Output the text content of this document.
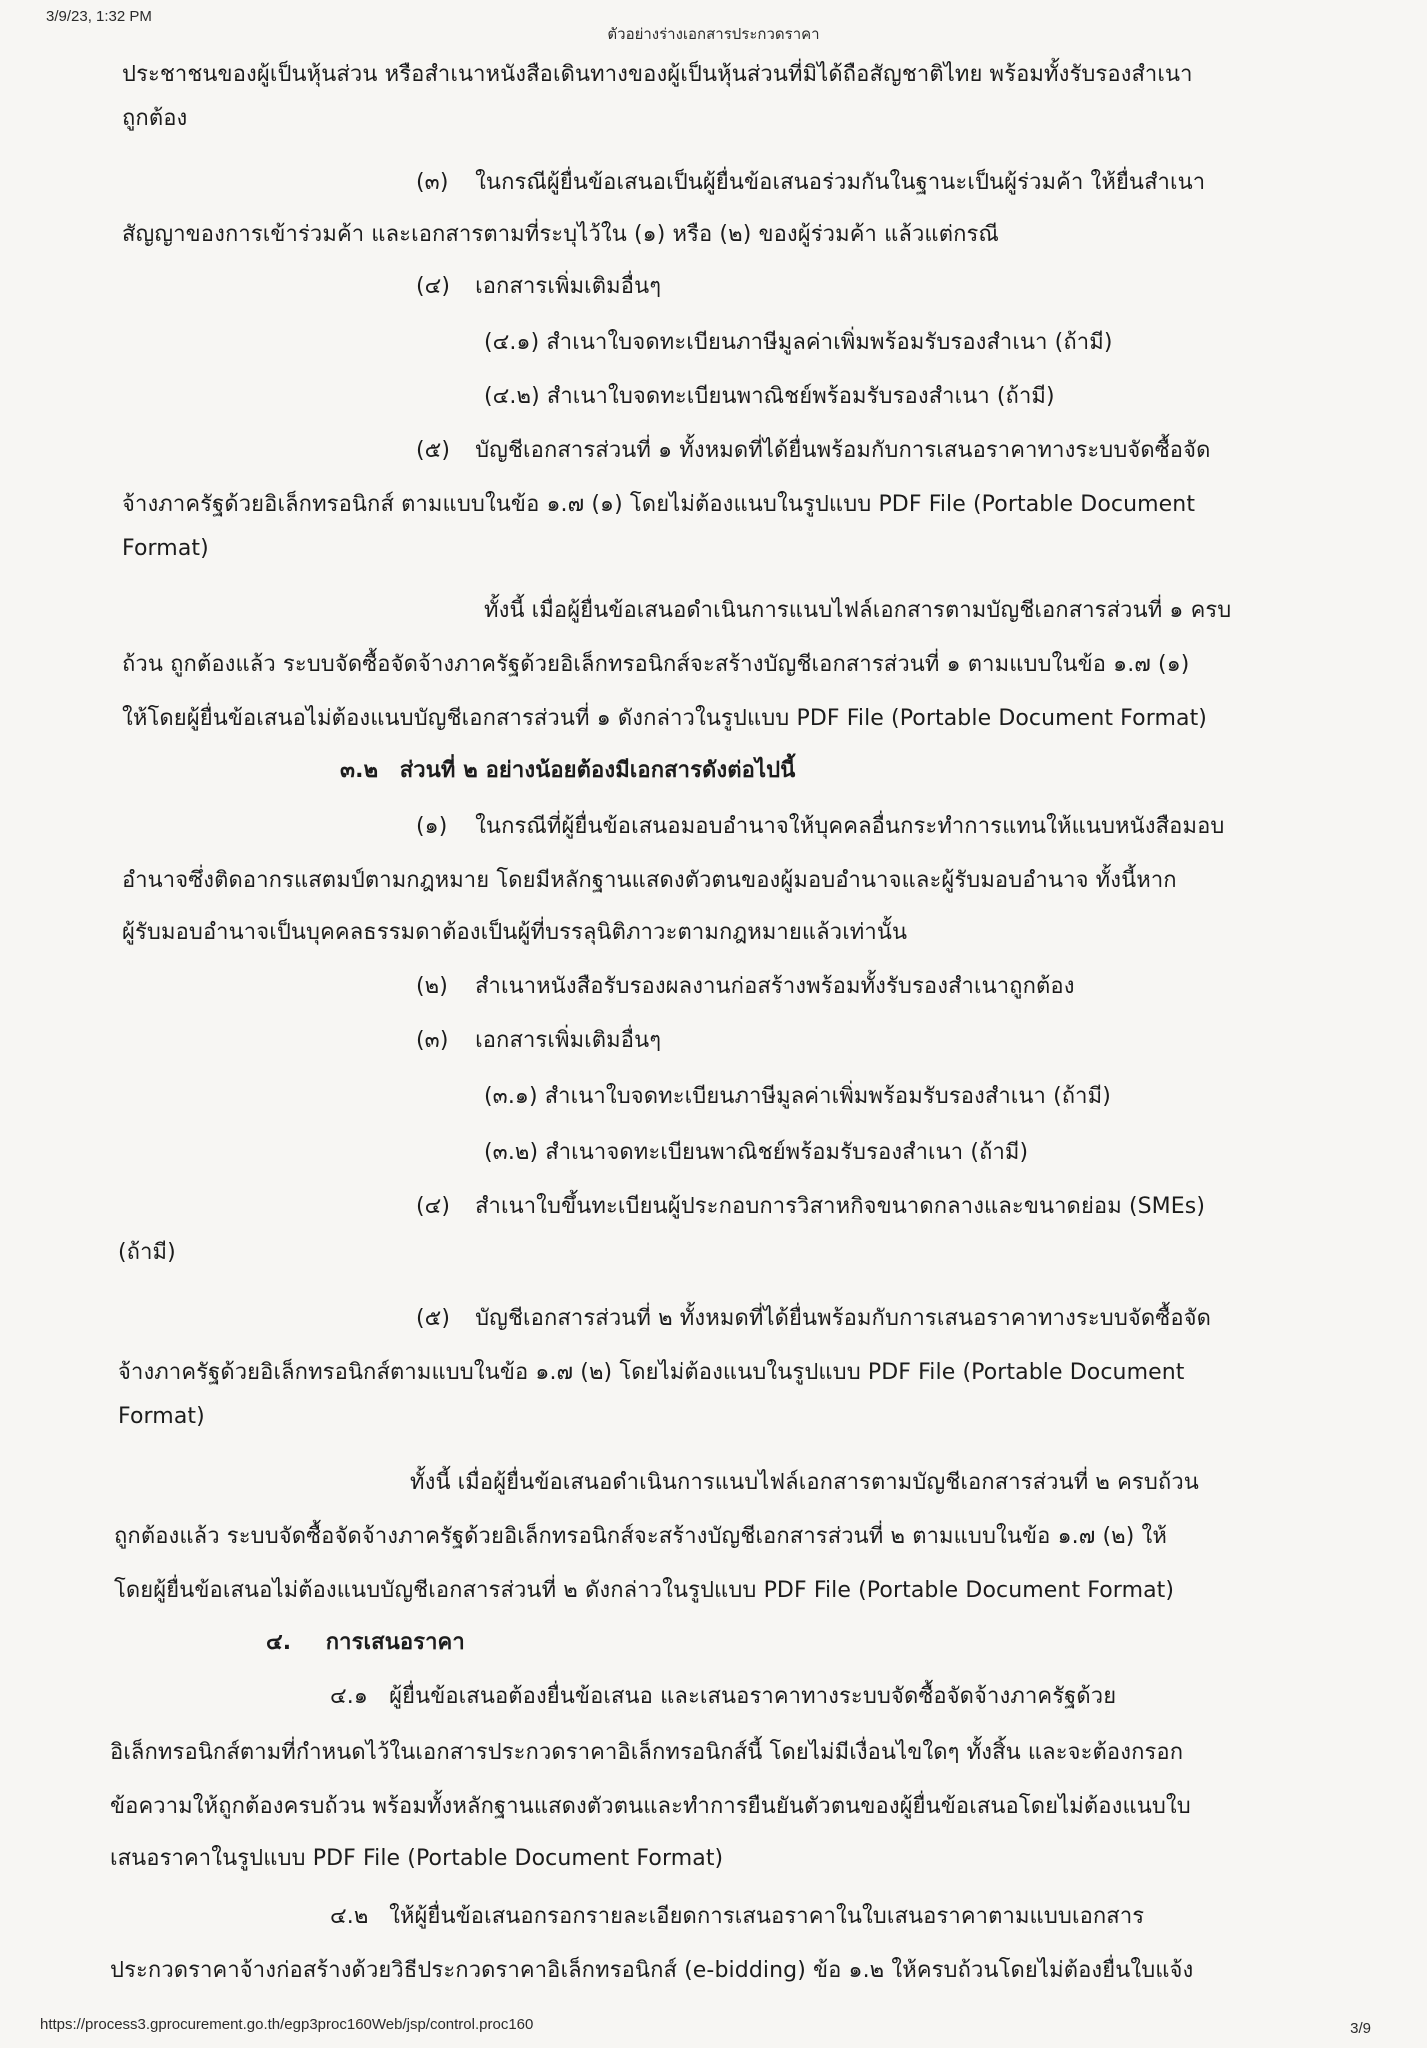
3/9/23, 1:32 PM
ตัวอย่างร่างเอกสารประกวดราคา
ประชาชนของผู้เป็นหุ้นส่วน หรือสำเนาหนังสือเดินทางของผู้เป็นหุ้นส่วนที่มิได้ถือสัญชาติไทย พร้อมทั้งรับรองสำเนา
ถูกต้อง
(๓) ในกรณีผู้ยื่นข้อเสนอเป็นผู้ยื่นข้อเสนอร่วมกันในฐานะเป็นผู้ร่วมค้า ให้ยื่นสำเนา
สัญญาของการเข้าร่วมค้า และเอกสารตามที่ระบุไว้ใน (๑) หรือ (๒) ของผู้ร่วมค้า แล้วแต่กรณี
(๔) เอกสารเพิ่มเติมอื่นๆ
(๔.๑) สำเนาใบจดทะเบียนภาษีมูลค่าเพิ่มพร้อมรับรองสำเนา (ถ้ามี)
(๔.๒) สำเนาใบจดทะเบียนพาณิชย์พร้อมรับรองสำเนา (ถ้ามี)
(๕) บัญชีเอกสารส่วนที่ ๑ ทั้งหมดที่ได้ยื่นพร้อมกับการเสนอราคาทางระบบจัดซื้อจัด
จ้างภาครัฐด้วยอิเล็กทรอนิกส์ ตามแบบในข้อ ๑.๗ (๑) โดยไม่ต้องแนบในรูปแบบ PDF File (Portable Document
Format)
ทั้งนี้ เมื่อผู้ยื่นข้อเสนอดำเนินการแนบไฟล์เอกสารตามบัญชีเอกสารส่วนที่ ๑ ครบ
ถ้วน ถูกต้องแล้ว ระบบจัดซื้อจัดจ้างภาครัฐด้วยอิเล็กทรอนิกส์จะสร้างบัญชีเอกสารส่วนที่ ๑ ตามแบบในข้อ ๑.๗ (๑)
ให้โดยผู้ยื่นข้อเสนอไม่ต้องแนบบัญชีเอกสารส่วนที่ ๑ ดังกล่าวในรูปแบบ PDF File (Portable Document Format)
๓.๒ ส่วนที่ ๒ อย่างน้อยต้องมีเอกสารดังต่อไปนี้
(๑) ในกรณีที่ผู้ยื่นข้อเสนอมอบอำนาจให้บุคคลอื่นกระทำการแทนให้แนบหนังสือมอบ
อำนาจซึ่งติดอากรแสตมป์ตามกฎหมาย โดยมีหลักฐานแสดงตัวตนของผู้มอบอำนาจและผู้รับมอบอำนาจ ทั้งนี้หาก
ผู้รับมอบอำนาจเป็นบุคคลธรรมดาต้องเป็นผู้ที่บรรลุนิติภาวะตามกฎหมายแล้วเท่านั้น
(๒) สำเนาหนังสือรับรองผลงานก่อสร้างพร้อมทั้งรับรองสำเนาถูกต้อง
(๓) เอกสารเพิ่มเติมอื่นๆ
(๓.๑) สำเนาใบจดทะเบียนภาษีมูลค่าเพิ่มพร้อมรับรองสำเนา (ถ้ามี)
(๓.๒) สำเนาจดทะเบียนพาณิชย์พร้อมรับรองสำเนา (ถ้ามี)
(๔) สำเนาใบขึ้นทะเบียนผู้ประกอบการวิสาหกิจขนาดกลางและขนาดย่อม (SMEs)
(ถ้ามี)
(๕) บัญชีเอกสารส่วนที่ ๒ ทั้งหมดที่ได้ยื่นพร้อมกับการเสนอราคาทางระบบจัดซื้อจัด
จ้างภาครัฐด้วยอิเล็กทรอนิกส์ตามแบบในข้อ ๑.๗ (๒) โดยไม่ต้องแนบในรูปแบบ PDF File (Portable Document
Format)
ทั้งนี้ เมื่อผู้ยื่นข้อเสนอดำเนินการแนบไฟล์เอกสารตามบัญชีเอกสารส่วนที่ ๒ ครบถ้วน
ถูกต้องแล้ว ระบบจัดซื้อจัดจ้างภาครัฐด้วยอิเล็กทรอนิกส์จะสร้างบัญชีเอกสารส่วนที่ ๒ ตามแบบในข้อ ๑.๗ (๒) ให้
โดยผู้ยื่นข้อเสนอไม่ต้องแนบบัญชีเอกสารส่วนที่ ๒ ดังกล่าวในรูปแบบ PDF File (Portable Document Format)
๔. การเสนอราคา
๔.๑ ผู้ยื่นข้อเสนอต้องยื่นข้อเสนอ และเสนอราคาทางระบบจัดซื้อจัดจ้างภาครัฐด้วย
อิเล็กทรอนิกส์ตามที่กำหนดไว้ในเอกสารประกวดราคาอิเล็กทรอนิกส์นี้ โดยไม่มีเงื่อนไขใดๆ ทั้งสิ้น และจะต้องกรอก
ข้อความให้ถูกต้องครบถ้วน พร้อมทั้งหลักฐานแสดงตัวตนและทำการยืนยันตัวตนของผู้ยื่นข้อเสนอโดยไม่ต้องแนบใบ
เสนอราคาในรูปแบบ PDF File (Portable Document Format)
๔.๒ ให้ผู้ยื่นข้อเสนอกรอกรายละเอียดการเสนอราคาในใบเสนอราคาตามแบบเอกสาร
ประกวดราคาจ้างก่อสร้างด้วยวิธีประกวดราคาอิเล็กทรอนิกส์ (e-bidding) ข้อ ๑.๒ ให้ครบถ้วนโดยไม่ต้องยื่นใบแจ้ง
https://process3.gprocurement.go.th/egp3proc160Web/jsp/control.proc160	3/9
